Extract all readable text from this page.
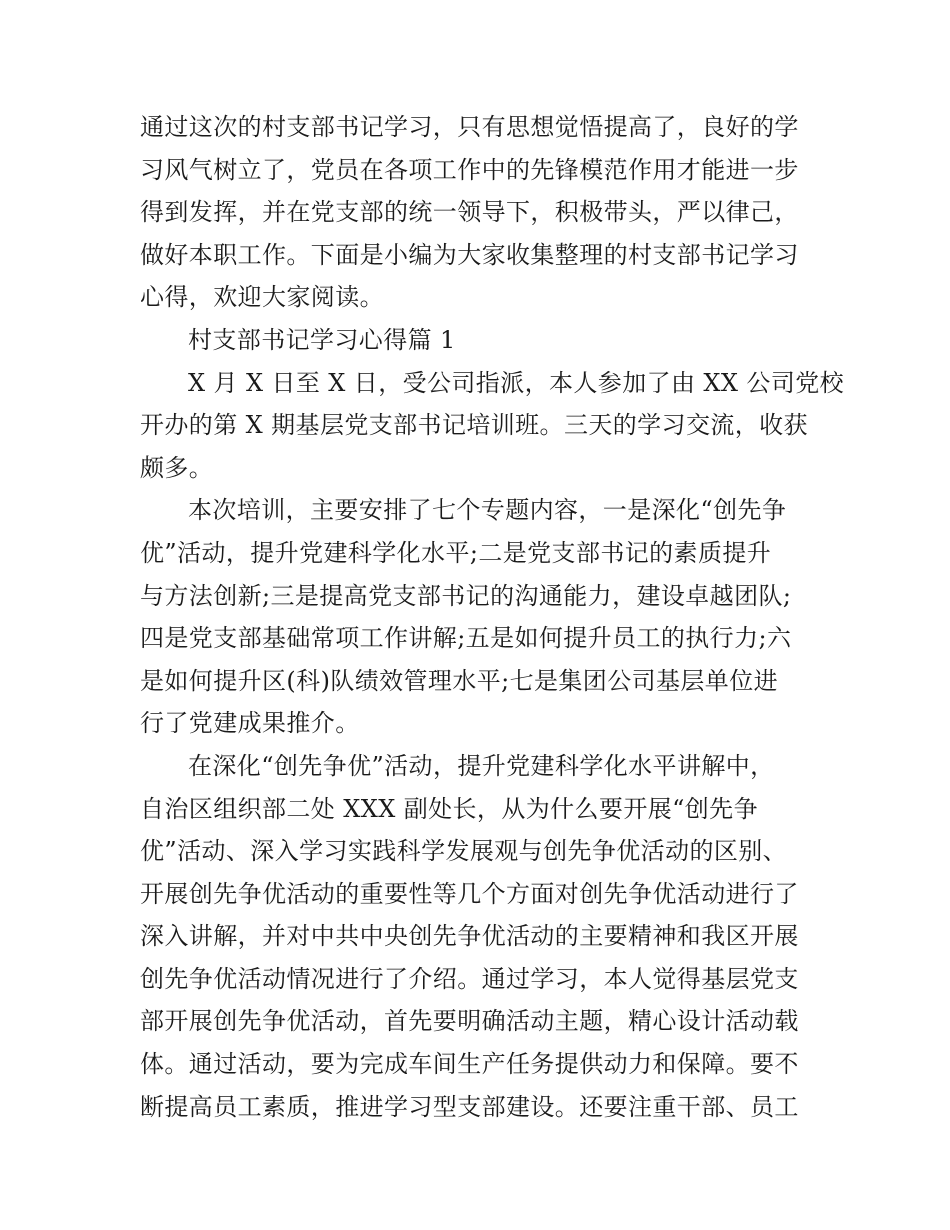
通过这次的村支部书记学习，只有思想觉悟提高了，良好的学
习风气树立了，党员在各项工作中的先锋模范作用才能进一步
得到发挥，并在党支部的统一领导下，积极带头，严以律己，
做好本职工作。下面是小编为大家收集整理的村支部书记学习
心得，欢迎大家阅读。
村支部书记学习心得篇 1
X 月 X 日至 X 日，受公司指派，本人参加了由 XX 公司党校
开办的第 X 期基层党支部书记培训班。三天的学习交流，收获
颇多。
本次培训，主要安排了七个专题内容，一是深化“创先争
优”活动，提升党建科学化水平;二是党支部书记的素质提升
与方法创新;三是提高党支部书记的沟通能力，建设卓越团队;
四是党支部基础常项工作讲解;五是如何提升员工的执行力;六
是如何提升区(科)队绩效管理水平;七是集团公司基层单位进
行了党建成果推介。
在深化“创先争优”活动，提升党建科学化水平讲解中，
自治区组织部二处 XXX 副处长，从为什么要开展“创先争
优”活动、深入学习实践科学发展观与创先争优活动的区别、
开展创先争优活动的重要性等几个方面对创先争优活动进行了
深入讲解，并对中共中央创先争优活动的主要精神和我区开展
创先争优活动情况进行了介绍。通过学习，本人觉得基层党支
部开展创先争优活动，首先要明确活动主题，精心设计活动载
体。通过活动，要为完成车间生产任务提供动力和保障。要不
断提高员工素质，推进学习型支部建设。还要注重干部、员工
